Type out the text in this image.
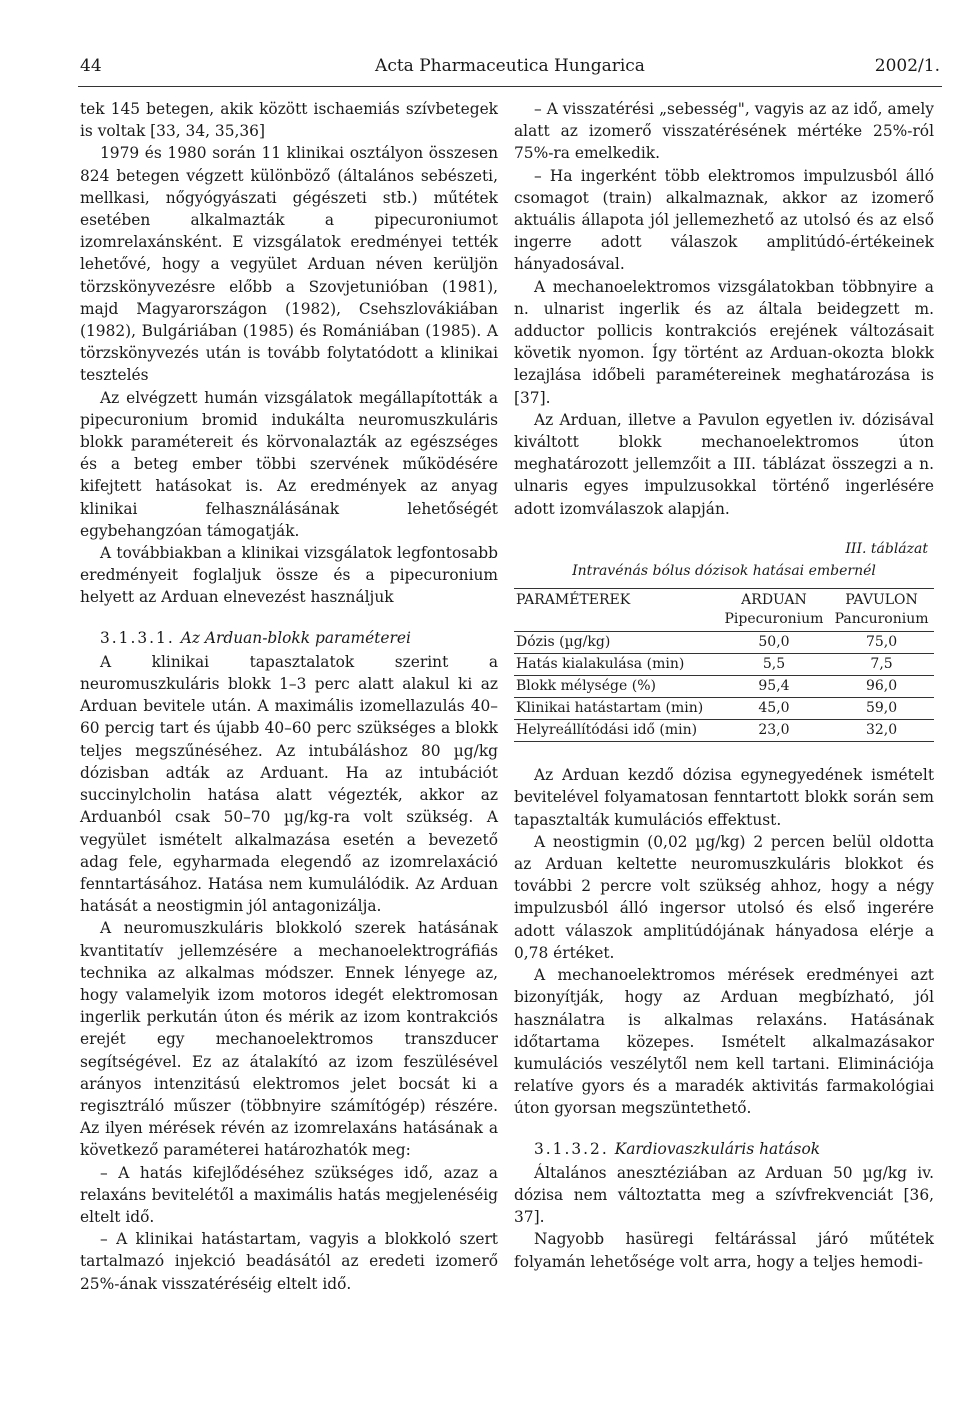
44	Acta Pharmaceutica Hungarica	2002/1.

tek 145 betegen, akik között ischaemiás szívbetegek is voltak [33, 34, 35,36]

1979 és 1980 során 11 klinikai osztályon összesen 824 betegen végzett különböző (általános sebészeti, mellkasi, nőgyógyászati gégészeti stb.) műtétek esetében alkalmazták a pipecuroniumot izomrelaxánsként. E vizsgálatok eredményei tették lehetővé, hogy a vegyület Arduan néven kerüljön törzskönyvezésre előbb a Szovjetunióban (1981), majd Magyarországon (1982), Csehszlovákiában (1982), Bulgáriában (1985) és Romániában (1985). A törzskönyvezés után is tovább folytatódott a klinikai tesztelés

Az elvégzett humán vizsgálatok megállapították a pipecuronium bromid indukálta neuromuszkuláris blokk paramétereit és körvonalazták az egészséges és a beteg ember többi szervének működésére kifejtett hatásokat is. Az eredmények az anyag klinikai felhasználásának lehetőségét egybehangzóan támogatják.

A továbbiakban a klinikai vizsgálatok legfontosabb eredményeit foglaljuk össze és a pipecuronium helyett az Arduan elnevezést használjuk

3.1.3.1. Az Arduan-blokk paraméterei

A klinikai tapasztalatok szerint a neuromuszkuláris blokk 1–3 perc alatt alakul ki az Arduan bevitele után. A maximális izomellazulás 40–60 percig tart és újabb 40–60 perc szükséges a blokk teljes megszűnéséhez. Az intubáláshoz 80 µg/kg dózisban adták az Arduant. Ha az intubációt succinylcholin hatása alatt végezték, akkor az Arduanból csak 50–70 µg/kg-ra volt szükség. A vegyület ismételt alkalmazása esetén a bevezető adag fele, egyharmada elegendő az izomrelaxáció fenntartásához. Hatása nem kumulálódik. Az Arduan hatását a neostigmin jól antagonizálja.

A neuromuszkuláris blokkoló szerek hatásának kvantitatív jellemzésére a mechanoelektrográfiás technika az alkalmas módszer. Ennek lényege az, hogy valamelyik izom motoros idegét elektromosan ingerlik perkután úton és mérik az izom kontrakciós erejét egy mechanoelektromos transzducer segítségével. Ez az átalakító az izom feszülésével arányos intenzitású elektromos jelet bocsát ki a regisztráló műszer (többnyire számítógép) részére. Az ilyen mérések révén az izomrelaxáns hatásának a következő paraméterei határozhatók meg:

– A hatás kifejlődéséhez szükséges idő, azaz a relaxáns bevitelétől a maximális hatás megjelenéséig eltelt idő.

– A klinikai hatástartam, vagyis a blokkoló szert tartalmazó injekció beadásától az eredeti izomerő 25%-ának visszatéréséig eltelt idő.

– A visszatérési „sebesség", vagyis az az idő, amely alatt az izomerő visszatérésének mértéke 25%-ról 75%-ra emelkedik.

– Ha ingerként több elektromos impulzusból álló csomagot (train) alkalmaznak, akkor az izomerő aktuális állapota jól jellemezhető az utolsó és az első ingerre adott válaszok amplitúdó-értékeinek hányadosával.

A mechanoelektromos vizsgálatokban többnyire a n. ulnarist ingerlik és az általa beidegzett m. adductor pollicis kontrakciós erejének változásait követik nyomon. Így történt az Arduan-okozta blokk lezajlása időbeli paramétereinek meghatározása is [37].

Az Arduan, illetve a Pavulon egyetlen iv. dózisával kiváltott blokk mechanoelektromos úton meghatározott jellemzőit a III. táblázat összegzi a n. ulnaris egyes impulzusokkal történő ingerlésére adott izomválaszok alapján.

III. táblázat
Intravénás bólus dózisok hatásai embernél
PARAMÉTEREK	ARDUAN	PAVULON
	Pipecuronium	Pancuronium
Dózis (µg/kg)	50,0	75,0
Hatás kialakulása (min)	5,5	7,5
Blokk mélysége (%)	95,4	96,0
Klinikai hatástartam (min)	45,0	59,0
Helyreállítódási idő (min)	23,0	32,0

Az Arduan kezdő dózisa egynegyedének ismételt bevitelével folyamatosan fenntartott blokk során sem tapasztalták kumulációs effektust.

A neostigmin (0,02 µg/kg) 2 percen belül oldotta az Arduan keltette neuromuszkuláris blokkot és további 2 percre volt szükség ahhoz, hogy a négy impulzusból álló ingersor utolsó és első ingerére adott válaszok amplitúdójának hányadosa elérje a 0,78 értéket.

A mechanoelektromos mérések eredményei azt bizonyítják, hogy az Arduan megbízható, jól használatra is alkalmas relaxáns. Hatásának időtartama közepes. Ismételt alkalmazásakor kumulációs veszélytől nem kell tartani. Eliminációja relatíve gyors és a maradék aktivitás farmakológiai úton gyorsan megszüntethető.

3.1.3.2. Kardiovaszkuláris hatások

Általános anesztéziában az Arduan 50 µg/kg iv. dózisa nem változtatta meg a szívfrekvenciát [36, 37].

Nagyobb hasüregi feltárással járó műtétek folyamán lehetősége volt arra, hogy a teljes hemodi-
